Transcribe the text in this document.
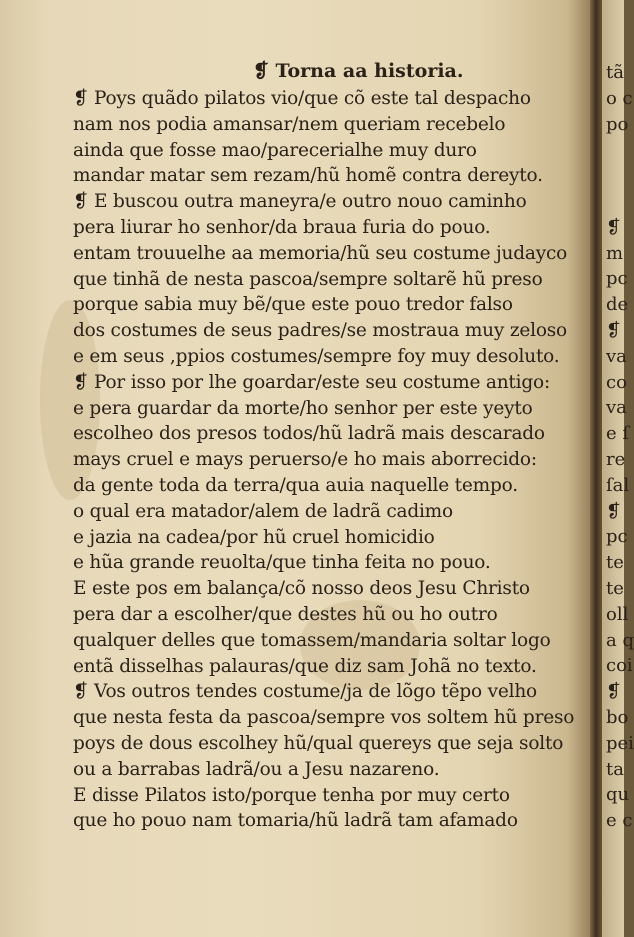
❡ Torna aa historia.
❡ Poys quãdo pilatos vio/que cõ este tal despacho
nam nos podia amansar/nem queriam recebelo
ainda que fosse mao/parecerialhe muy duro
mandar matar sem rezam/hũ homẽ contra dereyto.
❡ E buscou outra maneyra/e outro nouo caminho
pera liurar ho senhor/da braua furia do pouo.
entam trouuelhe aa memoria/hũ seu costume judayco
que tinhã de nesta pascoa/sempre soltarẽ hũ preso
porque sabia muy bẽ/que este pouo tredor falso
dos costumes de seus padres/se mostraua muy zeloso
e em seus ,ppios costumes/sempre foy muy desoluto.
❡ Por isso por lhe goardar/este seu costume antigo:
e pera guardar da morte/ho senhor per este yeyto
escolheo dos presos todos/hũ ladrã mais descarado
mays cruel e mays peruerso/e ho mais aborrecido:
da gente toda da terra/qua auia naquelle tempo.
o qual era matador/alem de ladrã cadimo
e jazia na cadea/por hũ cruel homicidio
e hũa grande reuolta/que tinha feita no pouo.
E este pos em balança/cõ nosso deos Jesu Christo
pera dar a escolher/que destes hũ ou ho outro
qualquer delles que tomassem/mandaria soltar logo
entã disselhas palauras/que diz sam Johã no texto.
❡ Vos outros tendes costume/ja de lõgo tẽpo velho
que nesta festa da pascoa/sempre vos soltem hũ preso
poys de dous escolhey hũ/qual quereys que seja solto
ou a barrabas ladrã/ou a Jesu nazareno.
E disse Pilatos isto/porque tenha por muy certo
que ho pouo nam tomaria/hũ ladrã tam afamado
tã
o c
po
❡
m
pc
de
❡
va
co
va
e ſ
re
ſal
❡
pc
te
te
oll
a q
coi
❡
bo
pei
ta
qu
e c
